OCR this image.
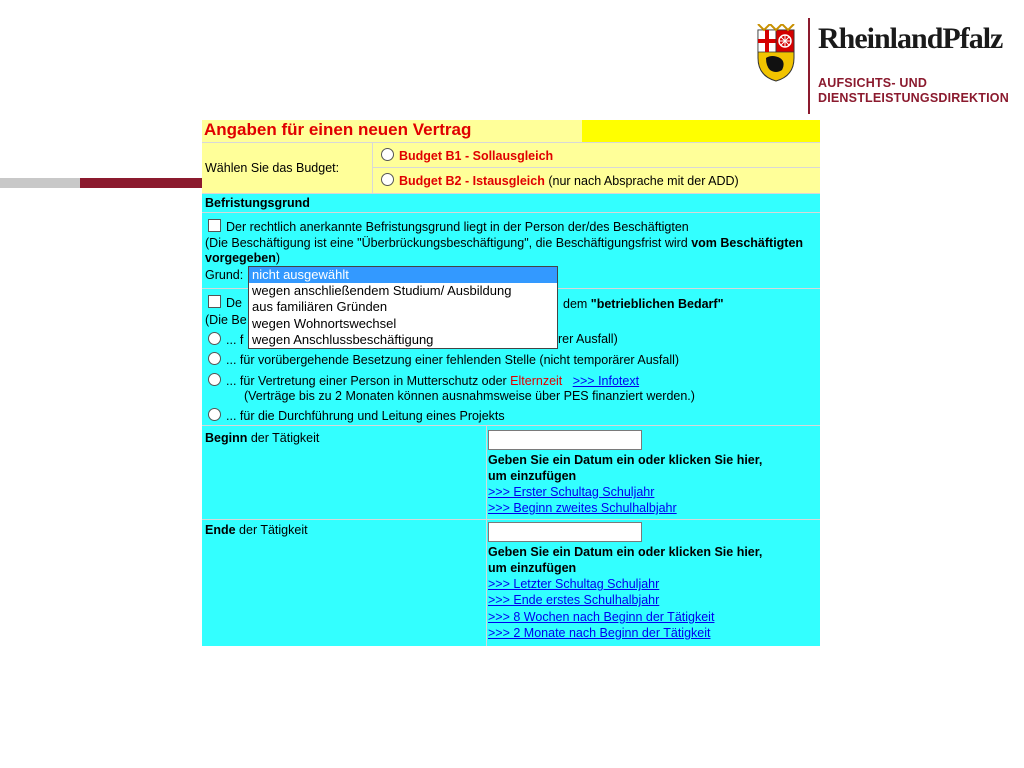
RheinlandPfalz
AUFSICHTS- UND
DIENSTLEISTUNGSDIREKTION
Angaben für einen neuen Vertrag
Wählen Sie das Budget:
Budget B1 - Sollausgleich
Budget B2 - Istausgleich (nur nach Absprache mit der ADD)
Befristungsgrund
Der rechtlich anerkannte Befristungsgrund liegt in der Person der/des Beschäftigten
(Die Beschäftigung ist eine "Überbrückungsbeschäftigung", die Beschäftigungsfrist wird vom Beschäftigten
vorgegeben)
Grund:
De	dem "betrieblichen Bedarf"
(Die Be
... f	rer Ausfall)
... für vorübergehende Besetzung einer fehlenden Stelle (nicht temporärer Ausfall)
... für Vertretung einer Person in Mutterschutz oder Elternzeit >>> Infotext
(Verträge bis zu 2 Monaten können ausnahmsweise über PES finanziert werden.)
... für die Durchführung und Leitung eines Projekts
Beginn der Tätigkeit
Geben Sie ein Datum ein oder klicken Sie hier,
um einzufügen
>>> Erster Schultag Schuljahr
>>> Beginn zweites Schulhalbjahr
Ende der Tätigkeit
Geben Sie ein Datum ein oder klicken Sie hier,
um einzufügen
>>> Letzter Schultag Schuljahr
>>> Ende erstes Schulhalbjahr
>>> 8 Wochen nach Beginn der Tätigkeit
>>> 2 Monate nach Beginn der Tätigkeit
nicht ausgewählt
wegen anschließendem Studium/ Ausbildung
aus familiären Gründen
wegen Wohnortswechsel
wegen Anschlussbeschäftigung
